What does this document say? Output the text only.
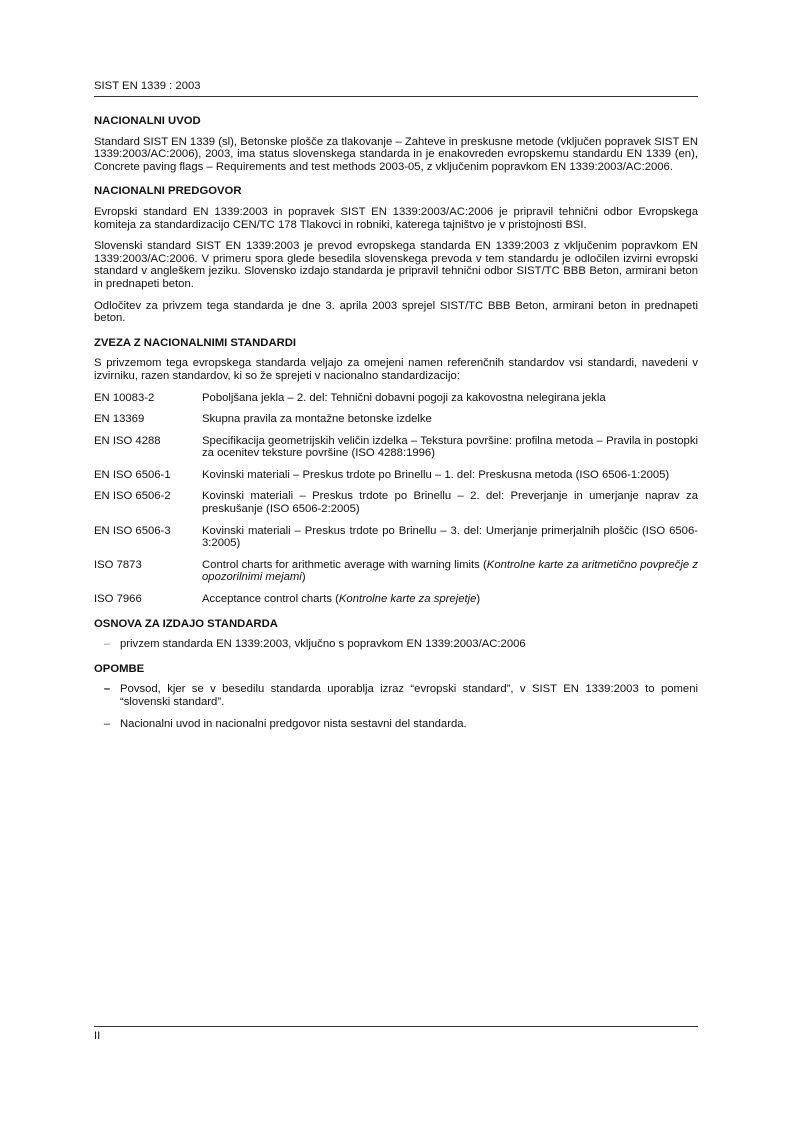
SIST EN 1339 : 2003
NACIONALNI UVOD

Standard SIST EN 1339 (sl), Betonske plošče za tlakovanje – Zahteve in preskusne metode (vključen popravek SIST EN 1339:2003/AC:2006), 2003, ima status slovenskega standarda in je enakovreden evropskemu standardu EN 1339 (en), Concrete paving flags – Requirements and test methods 2003-05, z vključenim popravkom EN 1339:2003/AC:2006.

NACIONALNI PREDGOVOR

Evropski standard EN 1339:2003 in popravek SIST EN 1339:2003/AC:2006 je pripravil tehnični odbor Evropskega komiteja za standardizacijo CEN/TC 178 Tlakovci in robniki, katerega tajništvo je v pristojnosti BSI.

Slovenski standard SIST EN 1339:2003 je prevod evropskega standarda EN 1339:2003 z vključenim popravkom EN 1339:2003/AC:2006. V primeru spora glede besedila slovenskega prevoda v tem standardu je odločilen izvirni evropski standard v angleškem jeziku. Slovensko izdajo standarda je pripravil tehnični odbor SIST/TC BBB Beton, armirani beton in prednapeti beton.

Odločitev za privzem tega standarda je dne 3. aprila 2003 sprejel SIST/TC BBB Beton, armirani beton in prednapeti beton.

ZVEZA Z NACIONALNIMI STANDARDI

S privzemom tega evropskega standarda veljajo za omejeni namen referenčnih standardov vsi standardi, navedeni v izvirniku, razen standardov, ki so že sprejeti v nacionalno standardizacijo:

EN 10083-2	Poboljšana jekla – 2. del: Tehnični dobavni pogoji za kakovostna nelegirana jekla
EN 13369	Skupna pravila za montažne betonske izdelke
EN ISO 4288	Specifikacija geometrijskih veličin izdelka – Tekstura površine: profilna metoda – Pravila in postopki za ocenitev teksture površine (ISO 4288:1996)
EN ISO 6506-1	Kovinski materiali – Preskus trdote po Brinellu – 1. del: Preskusna metoda (ISO 6506-1:2005)
EN ISO 6506-2	Kovinski materiali – Preskus trdote po Brinellu – 2. del: Preverjanje in umerjanje naprav za preskušanje (ISO 6506-2:2005)
EN ISO 6506-3	Kovinski materiali – Preskus trdote po Brinellu – 3. del: Umerjanje primerjalnih ploščic (ISO 6506-3:2005)
ISO 7873	Control charts for arithmetic average with warning limits (Kontrolne karte za aritmetično povprečje z opozorilnimi mejami)
ISO 7966	Acceptance control charts (Kontrolne karte za sprejetje)
OSNOVA ZA IZDAJO STANDARDA
– privzem standarda EN 1339:2003, vključno s popravkom EN 1339:2003/AC:2006
OPOMBE
– Povsod, kjer se v besedilu standarda uporablja izraz “evropski standard”, v SIST EN 1339:2003 to pomeni “slovenski standard”.
– Nacionalni uvod in nacionalni predgovor nista sestavni del standarda.
II
